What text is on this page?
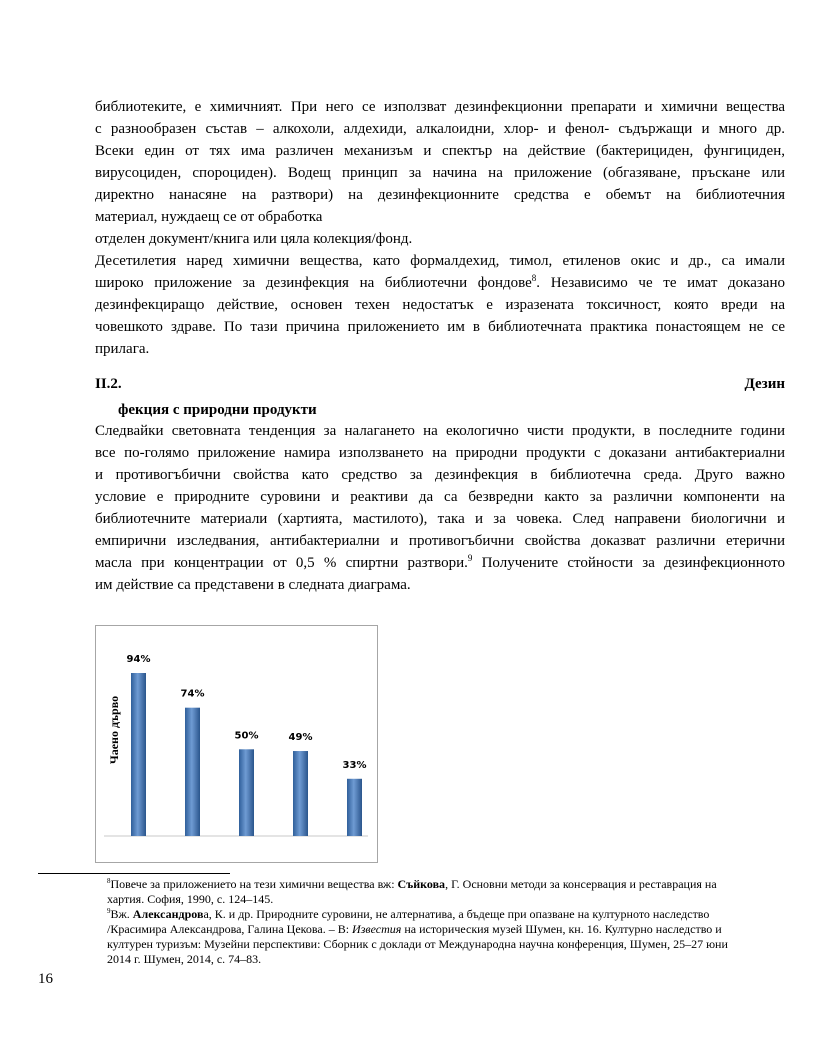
библиотеките, е химичният. При него се използват дезинфекционни препарати и химични вещества
с разнообразен състав – алкохоли, алдехиди, алкалоидни, хлор- и фенол- съдържащи и много др.
Всеки един от тях има различен механизъм и спектър на действие (бактерициден, фунгициден,
вирусоциден, спороциден). Водещ принцип за начина на приложение (обгазяване, пръскане или
директно нанасяне на разтвори) на дезинфекционните средства е обемът на библиотечния
материал, нуждаещ се от обработка
отделен документ/книга или цяла колекция/фонд.
Десетилетия наред химични вещества, като формалдехид, тимол, етиленов окис и др., са имали
широко приложение за дезинфекция на библиотечни фондове$^8$. Независимо че те имат доказано
дезинфекциращо действие, основен техен недостатък е изразената токсичност, която вреди на
човешкото здраве. По тази причина приложението им в библиотечната практика понастоящем не се
прилага.
II.2.	Дезин
фекция с природни продукти
Следвайки световната тенденция за налагането на екологично чисти продукти, в последните години
все по-голямо приложение намира използването на природни продукти с доказани антибактериални
и противогъбични свойства като средство за дезинфекция в библиотечна среда. Друго важно
условие е природните суровини и реактиви да са безвредни както за различни компоненти на
библиотечните материали (хартията, мастилото), така и за човека. След направени биологични и
емпирични изследвания, антибактериални и противогъбични свойства доказват различни етерични
масла при концентрации от 0,5 % спиртни разтвори.$^9$ Получените стойности за дезинфекционното
им действие са представени в следната диаграма.
Чаено дърво
94%
74%
50%	49%
33%
$^8$Повече за приложението на тези химични вещества вж: Съйкова, Г. Основни методи за консервация и реставрация на
хартия. София, 1990, с. 124–145.
$^9$Вж. Александрова, К. и др. Природните суровини, не алтернатива, а бъдеще при опазване на културното наследство
/Красимира Александрова, Галина Цекова. – В: Известия на историческия музей Шумен, кн. 16. Културно наследство и
културен туризъм: Музейни перспективи: Сборник с доклади от Международна научна конференция, Шумен, 25–27 юни
2014 г. Шумен, 2014, с. 74–83.
16
